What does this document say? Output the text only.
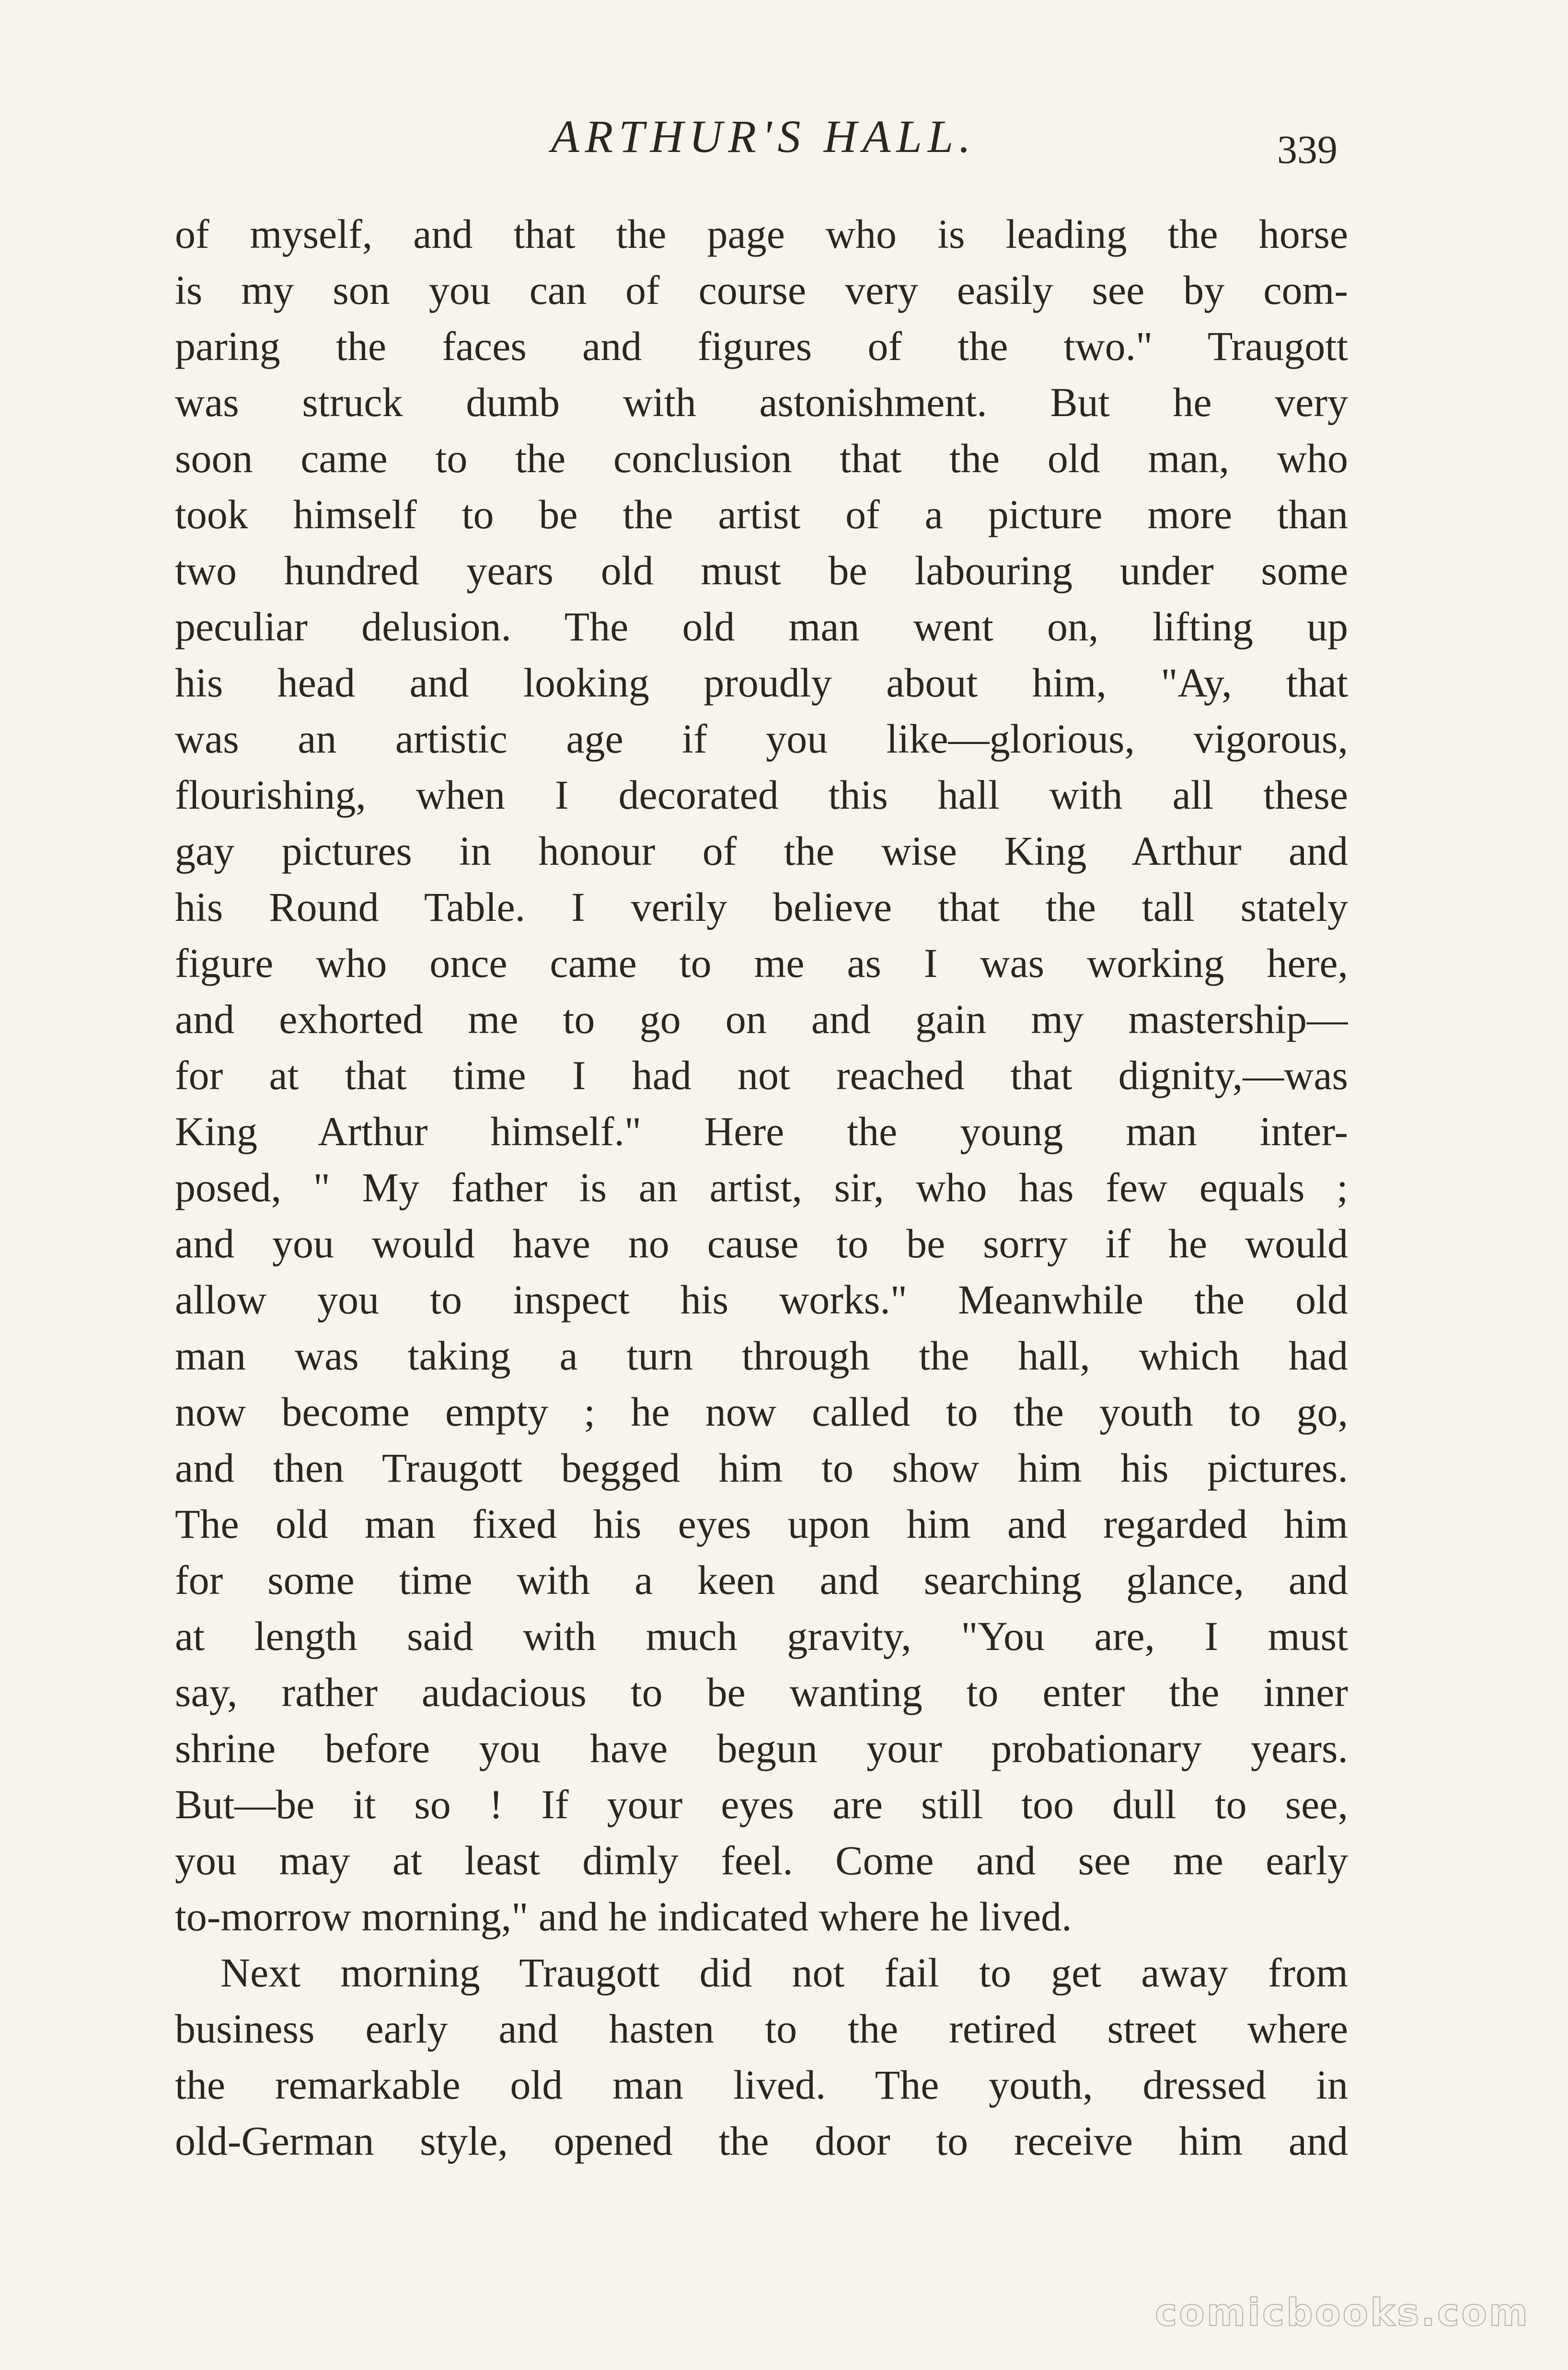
ARTHUR'S HALL.	339
of myself, and that the page who is leading the horse
is my son you can of course very easily see by com-
paring the faces and figures of the two." Traugott
was struck dumb with astonishment. But he very
soon came to the conclusion that the old man, who
took himself to be the artist of a picture more than
two hundred years old must be labouring under some
peculiar delusion. The old man went on, lifting up
his head and looking proudly about him, "Ay, that
was an artistic age if you like—glorious, vigorous,
flourishing, when I decorated this hall with all these
gay pictures in honour of the wise King Arthur and
his Round Table. I verily believe that the tall stately
figure who once came to me as I was working here,
and exhorted me to go on and gain my mastership—
for at that time I had not reached that dignity,—was
King Arthur himself." Here the young man inter-
posed, " My father is an artist, sir, who has few equals ;
and you would have no cause to be sorry if he would
allow you to inspect his works." Meanwhile the old
man was taking a turn through the hall, which had
now become empty ; he now called to the youth to go,
and then Traugott begged him to show him his pictures.
The old man fixed his eyes upon him and regarded him
for some time with a keen and searching glance, and
at length said with much gravity, "You are, I must
say, rather audacious to be wanting to enter the inner
shrine before you have begun your probationary years.
But—be it so ! If your eyes are still too dull to see,
you may at least dimly feel. Come and see me early
to-morrow morning," and he indicated where he lived.
Next morning Traugott did not fail to get away from
business early and hasten to the retired street where
the remarkable old man lived. The youth, dressed in
old-German style, opened the door to receive him and
comicbooks.com
